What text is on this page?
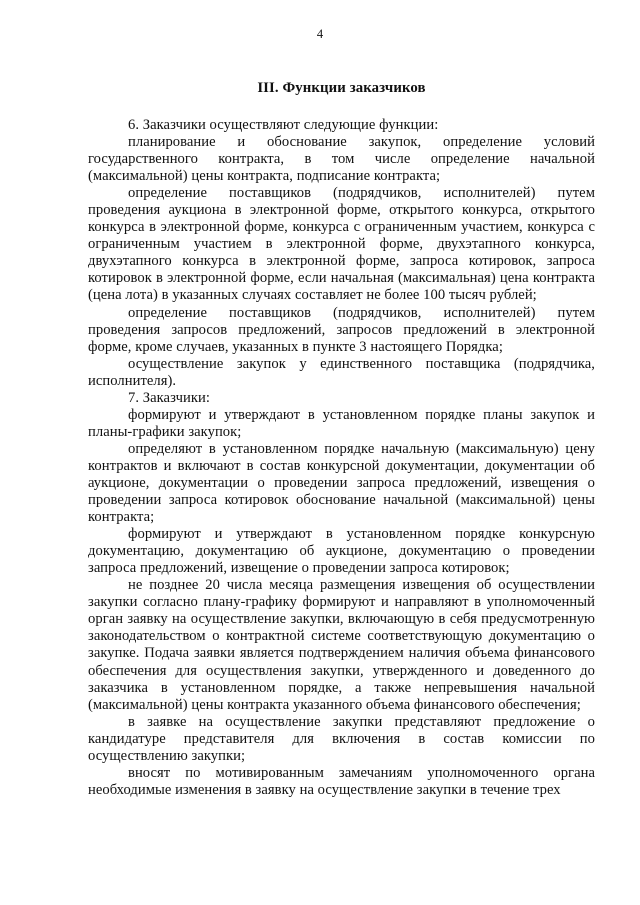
4
III. Функции заказчиков

6. Заказчики осуществляют следующие функции:

планирование и обоснование закупок, определение условий государственного контракта, в том числе определение начальной (максимальной) цены контракта, подписание контракта;

определение поставщиков (подрядчиков, исполнителей) путем проведения аукциона в электронной форме, открытого конкурса, открытого конкурса в электронной форме, конкурса с ограниченным участием, конкурса с ограниченным участием в электронной форме, двухэтапного конкурса, двухэтапного конкурса в электронной форме, запроса котировок, запроса котировок в электронной форме, если начальная (максимальная) цена контракта (цена лота) в указанных случаях составляет не более 100 тысяч рублей;

определение поставщиков (подрядчиков, исполнителей) путем проведения запросов предложений, запросов предложений в электронной форме, кроме случаев, указанных в пункте 3 настоящего Порядка;

осуществление закупок у единственного поставщика (подрядчика, исполнителя).

7. Заказчики:

формируют и утверждают в установленном порядке планы закупок и планы-графики закупок;

определяют в установленном порядке начальную (максимальную) цену контрактов и включают в состав конкурсной документации, документации об аукционе, документации о проведении запроса предложений, извещения о проведении запроса котировок обоснование начальной (максимальной) цены контракта;

формируют и утверждают в установленном порядке конкурсную документацию, документацию об аукционе, документацию о проведении запроса предложений, извещение о проведении запроса котировок;

не позднее 20 числа месяца размещения извещения об осуществлении закупки согласно плану-графику формируют и направляют в уполномоченный орган заявку на осуществление закупки, включающую в себя предусмотренную законодательством о контрактной системе соответствующую документацию о закупке. Подача заявки является подтверждением наличия объема финансового обеспечения для осуществления закупки, утвержденного и доведенного до заказчика в установленном порядке, а также непревышения начальной (максимальной) цены контракта указанного объема финансового обеспечения;

в заявке на осуществление закупки представляют предложение о кандидатуре представителя для включения в состав комиссии по осуществлению закупки;

вносят по мотивированным замечаниям уполномоченного органа необходимые изменения в заявку на осуществление закупки в течение трех
